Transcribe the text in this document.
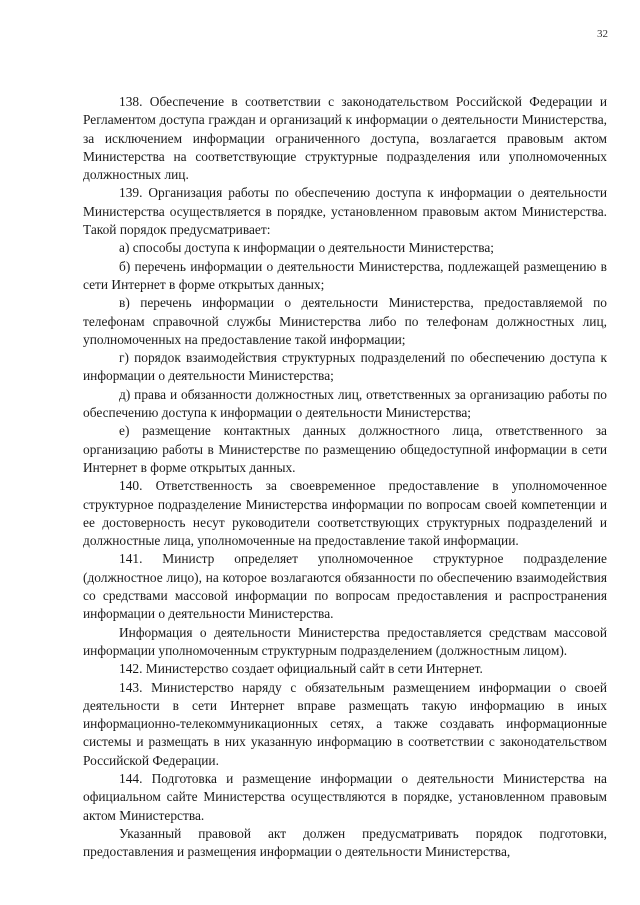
32

138. Обеспечение в соответствии с законодательством Российской Федерации и Регламентом доступа граждан и организаций к информации о деятельности Министерства, за исключением информации ограниченного доступа, возлагается правовым актом Министерства на соответствующие структурные подразделения или уполномоченных должностных лиц.

139. Организация работы по обеспечению доступа к информации о деятельности Министерства осуществляется в порядке, установленном правовым актом Министерства. Такой порядок предусматривает:

а) способы доступа к информации о деятельности Министерства;

б) перечень информации о деятельности Министерства, подлежащей размещению в сети Интернет в форме открытых данных;

в) перечень информации о деятельности Министерства, предоставляемой по телефонам справочной службы Министерства либо по телефонам должностных лиц, уполномоченных на предоставление такой информации;

г) порядок взаимодействия структурных подразделений по обеспечению доступа к информации о деятельности Министерства;

д) права и обязанности должностных лиц, ответственных за организацию работы по обеспечению доступа к информации о деятельности Министерства;

е) размещение контактных данных должностного лица, ответственного за организацию работы в Министерстве по размещению общедоступной информации в сети Интернет в форме открытых данных.

140. Ответственность за своевременное предоставление в уполномоченное структурное подразделение Министерства информации по вопросам своей компетенции и ее достоверность несут руководители соответствующих структурных подразделений и должностные лица, уполномоченные на предоставление такой информации.

141. Министр определяет уполномоченное структурное подразделение (должностное лицо), на которое возлагаются обязанности по обеспечению взаимодействия со средствами массовой информации по вопросам предоставления и распространения информации о деятельности Министерства.

Информация о деятельности Министерства предоставляется средствам массовой информации уполномоченным структурным подразделением (должностным лицом).

142. Министерство создает официальный сайт в сети Интернет.

143. Министерство наряду с обязательным размещением информации о своей деятельности в сети Интернет вправе размещать такую информацию в иных информационно-телекоммуникационных сетях, а также создавать информационные системы и размещать в них указанную информацию в соответствии с законодательством Российской Федерации.

144. Подготовка и размещение информации о деятельности Министерства на официальном сайте Министерства осуществляются в порядке, установленном правовым актом Министерства.

Указанный правовой акт должен предусматривать порядок подготовки, предоставления и размещения информации о деятельности Министерства,
